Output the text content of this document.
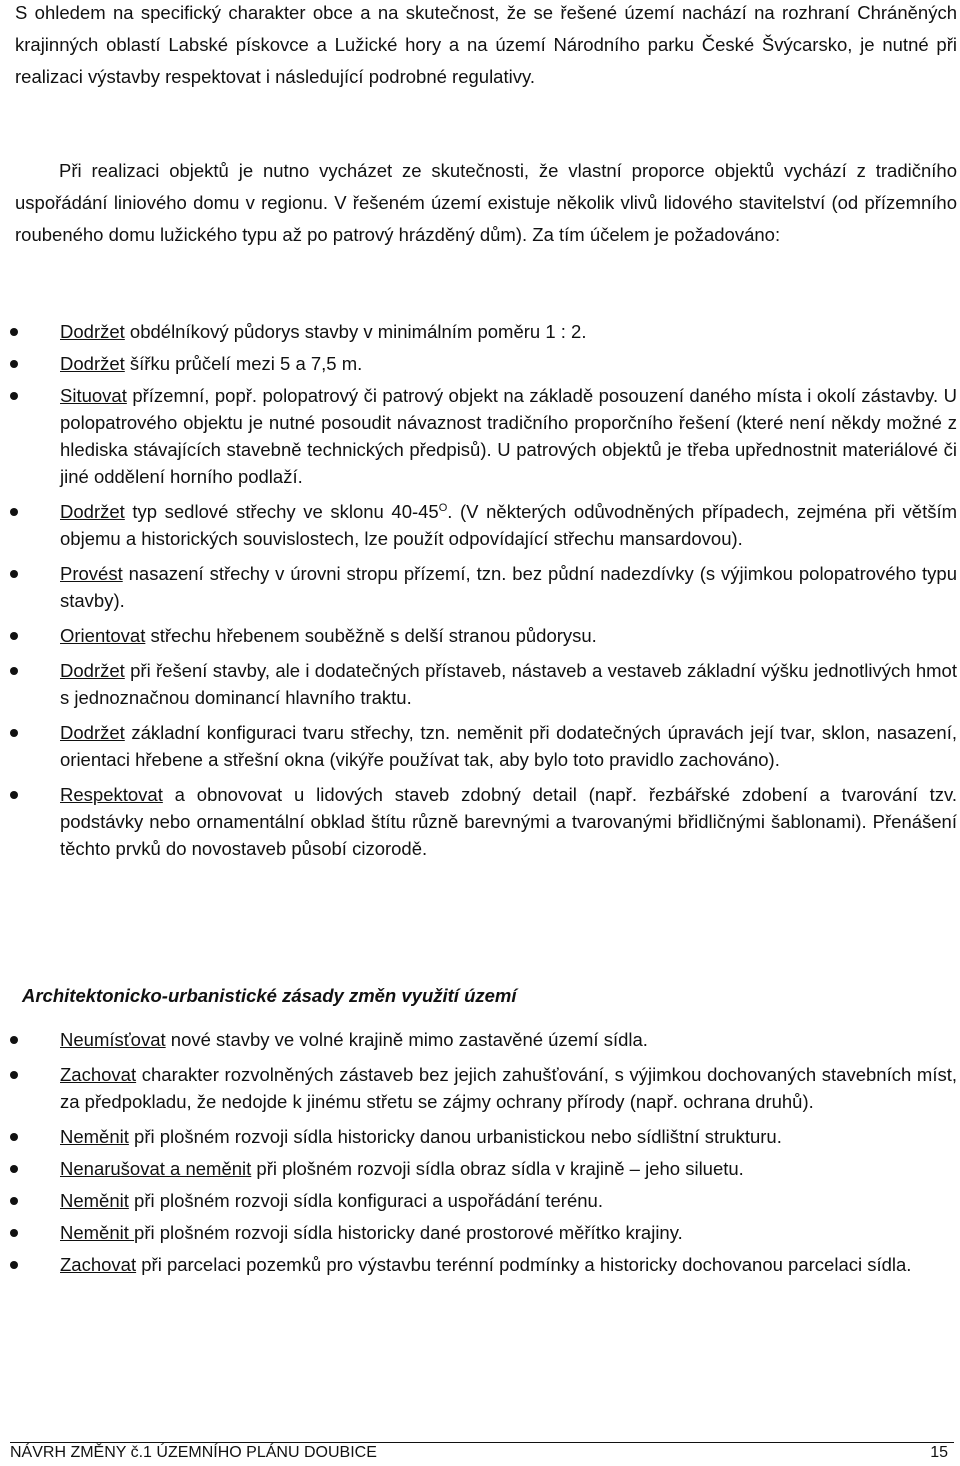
S ohledem na specifický charakter obce a na skutečnost, že se řešené území nachází na rozhraní Chráněných krajinných oblastí Labské pískovce a Lužické hory a na území Národního parku České Švýcarsko, je nutné při realizaci výstavby respektovat i následující podrobné regulativy.

Při realizaci objektů je nutno vycházet ze skutečnosti, že vlastní proporce objektů vychází z tradičního uspořádání liniového domu v regionu. V řešeném území existuje několik vlivů lidového stavitelství (od přízemního roubeného domu lužického typu až po patrový hrázděný dům). Za tím účelem je požadováno:

Dodržet obdélníkový půdorys stavby v minimálním poměru 1 : 2.
Dodržet šířku průčelí mezi 5 a 7,5 m.
Situovat přízemní, popř. polopatrový či patrový objekt na základě posouzení daného místa i okolí zástavby. U polopatrového objektu je nutné posoudit návaznost tradičního proporčního řešení (které není někdy možné z hlediska stávajících stavebně technických předpisů). U patrových objektů je třeba upřednostnit materiálové či jiné oddělení horního podlaží.
Dodržet typ sedlové střechy ve sklonu $40-45^O$. (V některých odůvodněných případech, zejména při větším objemu a historických souvislostech, lze použít odpovídající střechu mansardovou).
Provést nasazení střechy v úrovni stropu přízemí, tzn. bez půdní nadezdívky (s výjimkou polopatrového typu stavby).
Orientovat střechu hřebenem souběžně s delší stranou půdorysu.
Dodržet při řešení stavby, ale i dodatečných přístaveb, nástaveb a vestaveb základní výšku jednotlivých hmot s jednoznačnou dominancí hlavního traktu.
Dodržet základní konfiguraci tvaru střechy, tzn. neměnit při dodatečných úpravách její tvar, sklon, nasazení, orientaci hřebene a střešní okna (vikýře používat tak, aby bylo toto pravidlo zachováno).
Respektovat a obnovovat u lidových staveb zdobný detail (např. řezbářské zdobení a tvarování tzv. podstávky nebo ornamentální obklad štítu různě barevnými a tvarovanými břidličnými šablonami). Přenášení těchto prvků do novostaveb působí cizorodě.
Architektonicko-urbanistické zásady změn využití území
Neumísťovat nové stavby ve volné krajině mimo zastavěné území sídla.
Zachovat charakter rozvolněných zástaveb bez jejich zahušťování, s výjimkou dochovaných stavebních míst, za předpokladu, že nedojde k jinému střetu se zájmy ochrany přírody (např. ochrana druhů).
Neměnit při plošném rozvoji sídla historicky danou urbanistickou nebo sídlištní strukturu.
Nenarušovat a neměnit při plošném rozvoji sídla obraz sídla v krajině – jeho siluetu.
Neměnit při plošném rozvoji sídla konfiguraci a uspořádání terénu.
Neměnit při plošném rozvoji sídla historicky dané prostorové měřítko krajiny.
Zachovat při parcelaci pozemků pro výstavbu terénní podmínky a historicky dochovanou parcelaci sídla.
NÁVRH ZMĚNY č.1 ÚZEMNÍHO PLÁNU DOUBICE	15
